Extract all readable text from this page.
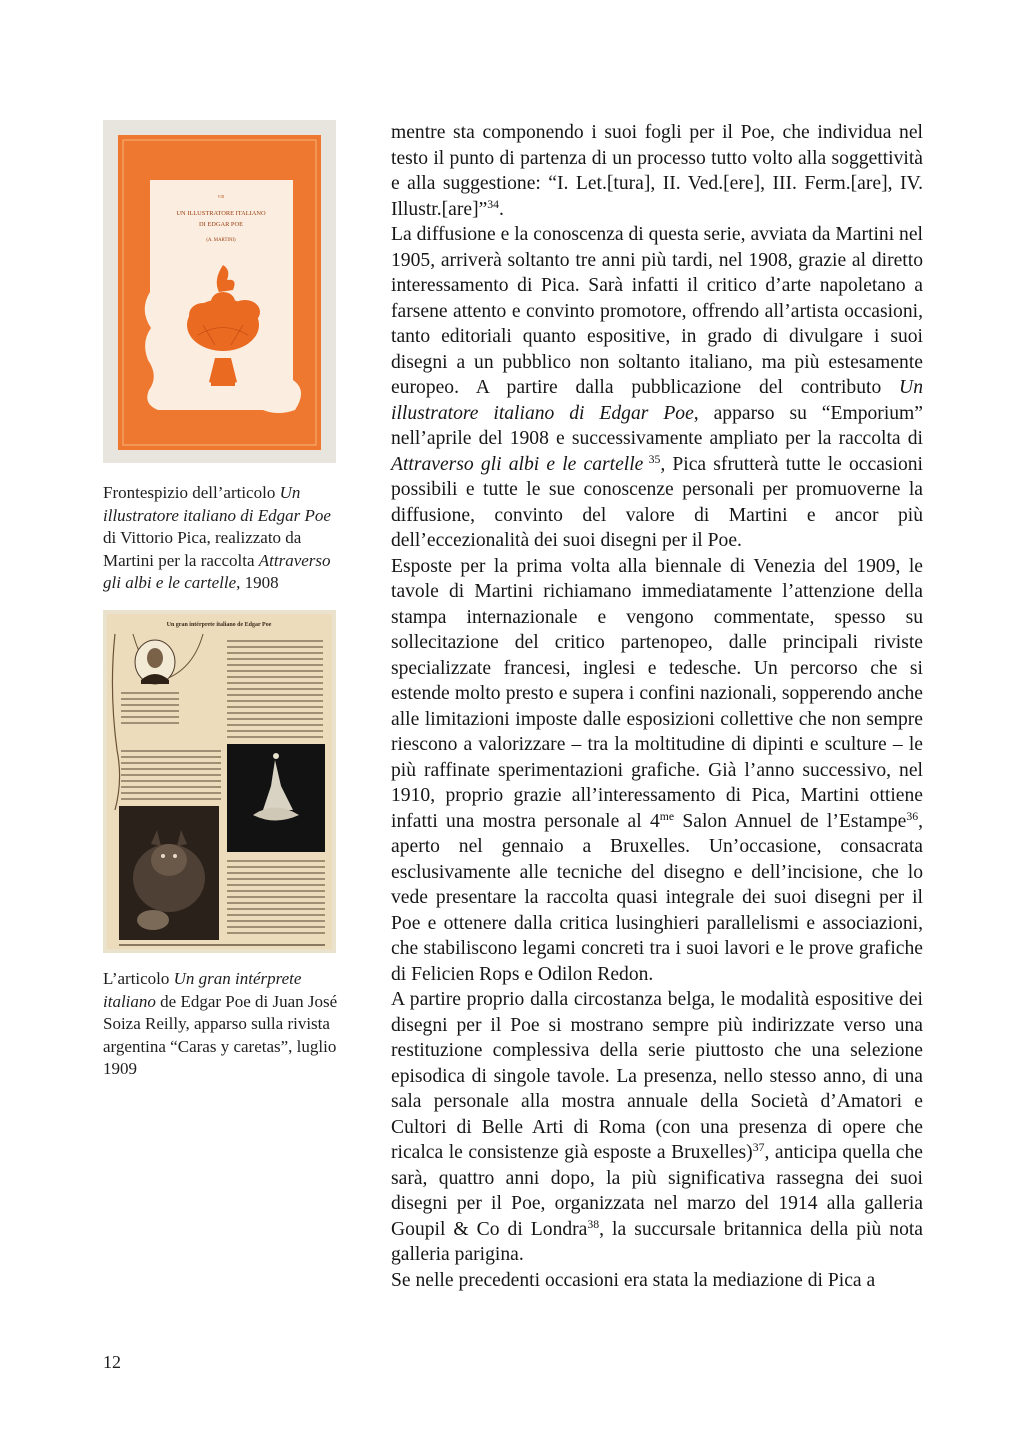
VIII
UN ILLUSTRATORE ITALIANO
DI EDGAR POE
(A. MARTINI)
Frontespizio dell’articolo Un illustratore italiano di Edgar Poe di Vittorio Pica, realizzato da Martini per la raccolta Attraverso gli albi e le cartelle, 1908
Un gran intérprete italiano de Edgar Poe
L’articolo Un gran intérprete italiano de Edgar Poe di Juan José Soiza Reilly, apparso sulla rivista argentina “Caras y caretas”, luglio 1909

mentre sta componendo i suoi fogli per il Poe, che individua nel testo il punto di partenza di un processo tutto volto alla soggettività e alla suggestione: “I. Let.[tura], II. Ved.[ere], III. Ferm.[are], IV. Illustr.[are]”$^{34}$.

La diffusione e la conoscenza di questa serie, avviata da Martini nel 1905, arriverà soltanto tre anni più tardi, nel 1908, grazie al diretto interessamento di Pica. Sarà infatti il critico d’arte napoletano a farsene attento e convinto promotore, offrendo all’artista occasioni, tanto editoriali quanto espositive, in grado di divulgare i suoi disegni a un pubblico non soltanto italiano, ma più estesamente europeo. A partire dalla pubblicazione del contributo Un illustratore italiano di Edgar Poe, apparso su “Emporium” nell’aprile del 1908 e successivamente ampliato per la raccolta di Attraverso gli albi e le cartelle $^{35}$, Pica sfrutterà tutte le occasioni possibili e tutte le sue conoscenze personali per promuoverne la diffusione, convinto del valore di Martini e ancor più dell’eccezionalità dei suoi disegni per il Poe.

Esposte per la prima volta alla biennale di Venezia del 1909, le tavole di Martini richiamano immediatamente l’attenzione della stampa internazionale e vengono commentate, spesso su sollecitazione del critico partenopeo, dalle principali riviste specializzate francesi, inglesi e tedesche. Un percorso che si estende molto presto e supera i confini nazionali, sopperendo anche alle limitazioni imposte dalle esposizioni collettive che non sempre riescono a valorizzare – tra la moltitudine di dipinti e sculture – le più raffinate sperimentazioni grafiche. Già l’anno successivo, nel 1910, proprio grazie all’interessamento di Pica, Martini ottiene infatti una mostra personale al $4^{me}$ Salon Annuel de l’Estampe$^{36}$, aperto nel gennaio a Bruxelles. Un’occasione, consacrata esclusivamente alle tecniche del disegno e dell’incisione, che lo vede presentare la raccolta quasi integrale dei suoi disegni per il Poe e ottenere dalla critica lusinghieri parallelismi e associazioni, che stabiliscono legami concreti tra i suoi lavori e le prove grafiche di Felicien Rops e Odilon Redon.

A partire proprio dalla circostanza belga, le modalità espositive dei disegni per il Poe si mostrano sempre più indirizzate verso una restituzione complessiva della serie piuttosto che una selezione episodica di singole tavole. La presenza, nello stesso anno, di una sala personale alla mostra annuale della Società d’Amatori e Cultori di Belle Arti di Roma (con una presenza di opere che ricalca le consistenze già esposte a Bruxelles)$^{37}$, anticipa quella che sarà, quattro anni dopo, la più significativa rassegna dei suoi disegni per il Poe, organizzata nel marzo del 1914 alla galleria Goupil & Co di Londra$^{38}$, la succursale britannica della più nota galleria parigina.

Se nelle precedenti occasioni era stata la mediazione di Pica a

12
